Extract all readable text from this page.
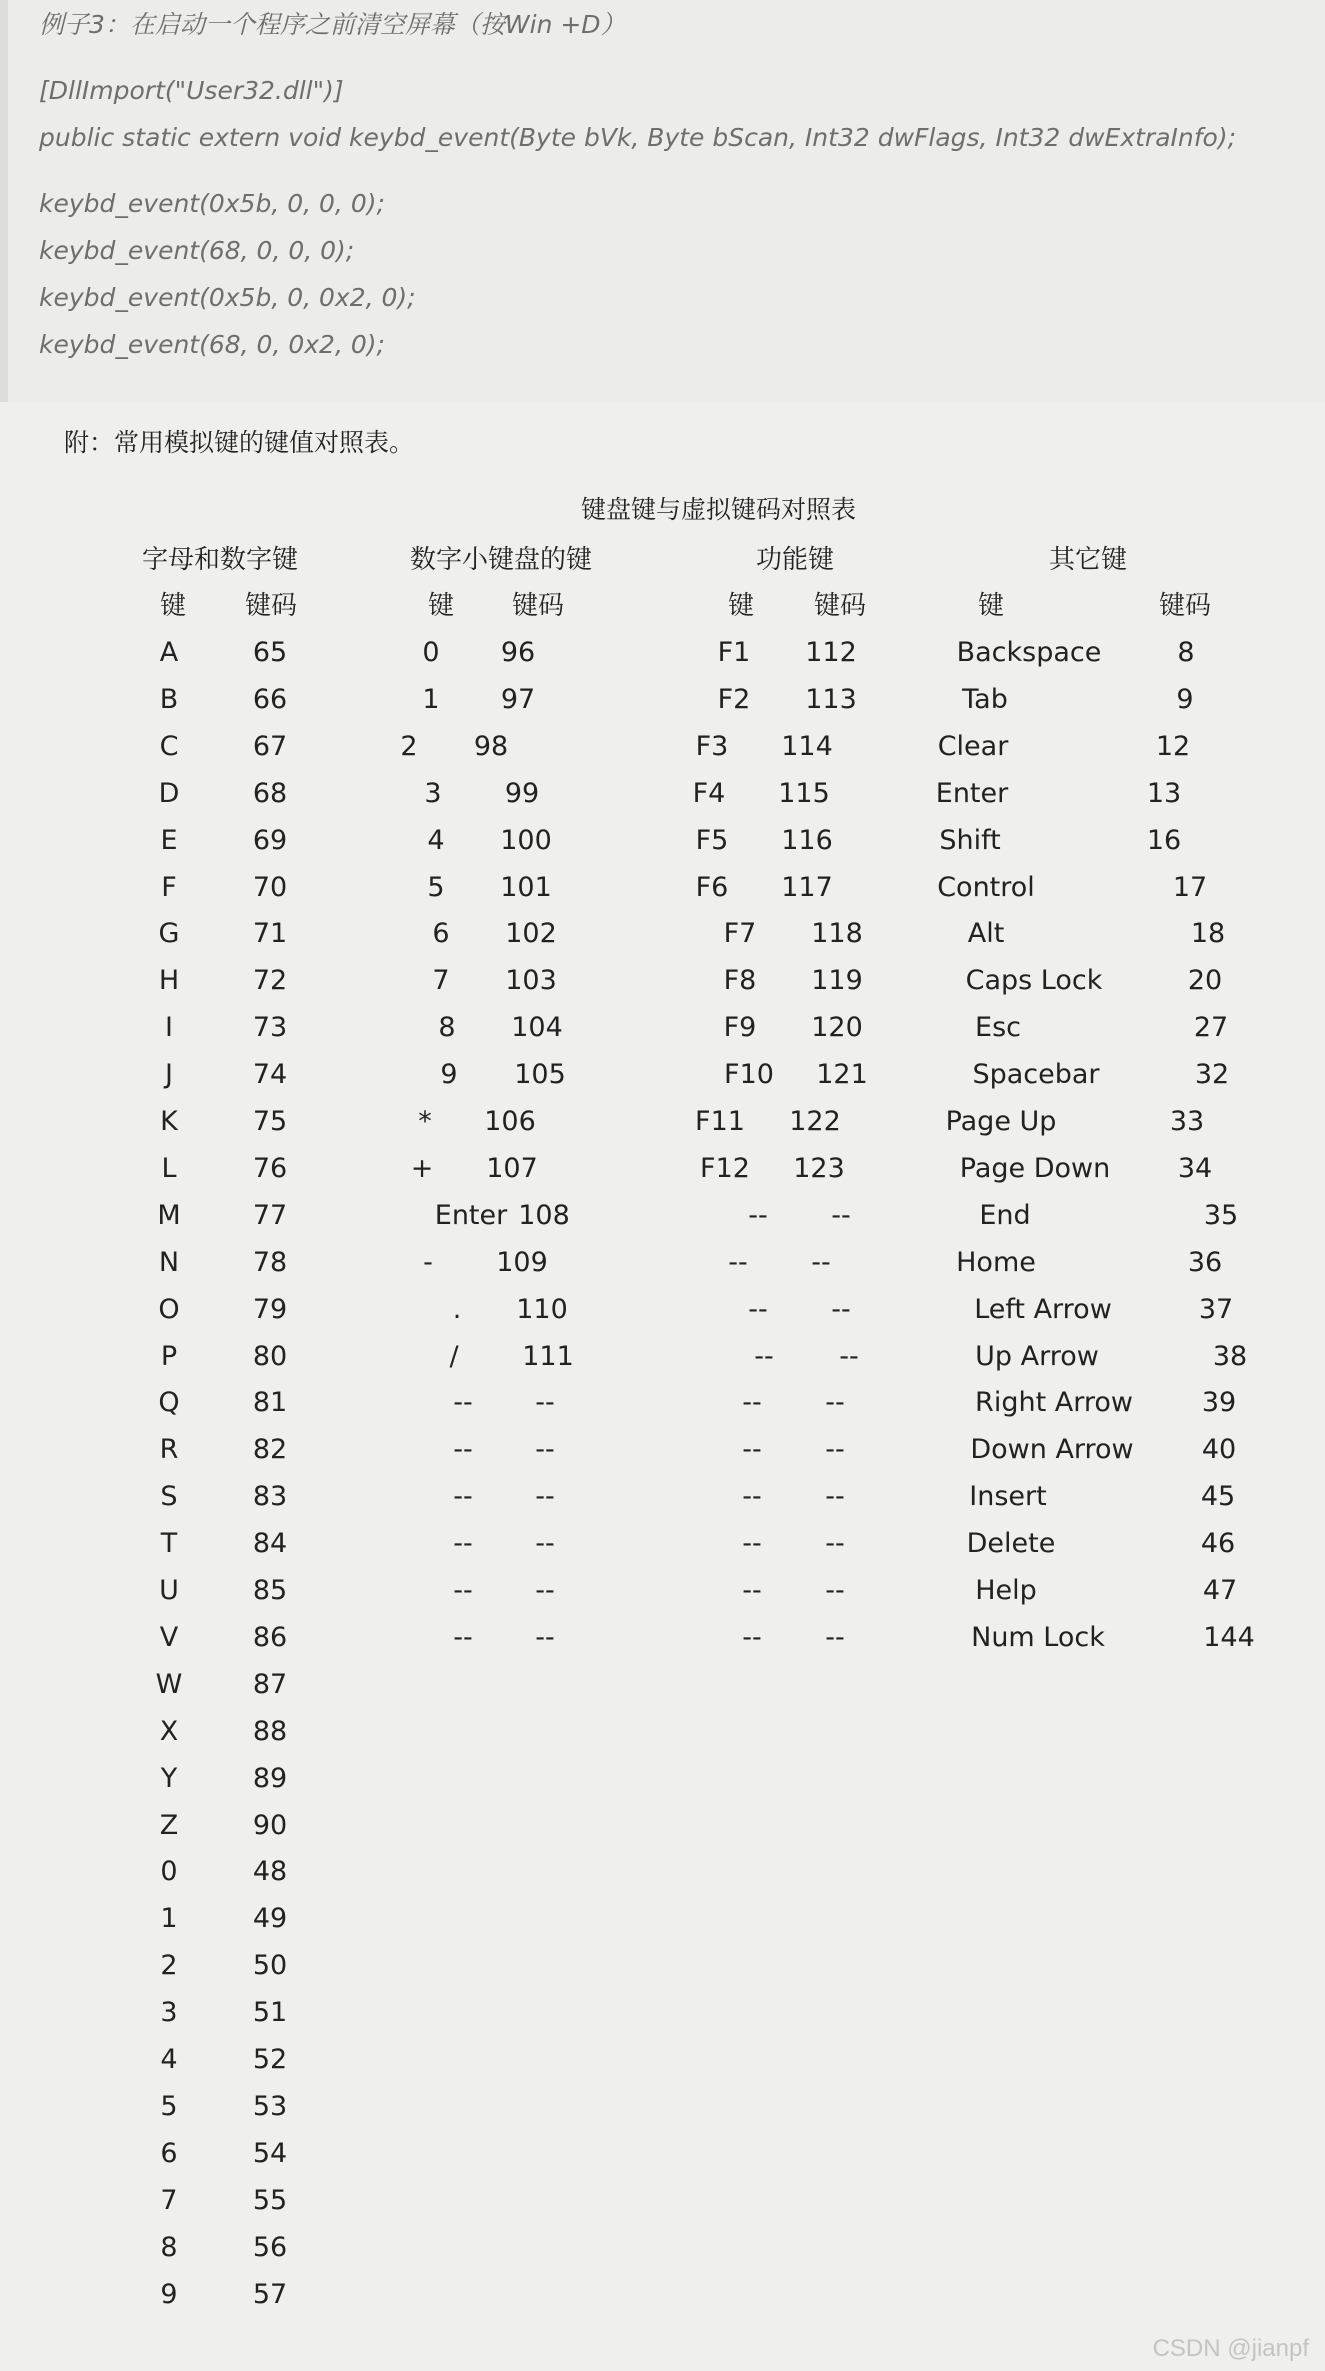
例子3：在启动一个程序之前清空屏幕（按Win +D）
[DllImport("User32.dll")]
public static extern void keybd_event(Byte bVk, Byte bScan, Int32 dwFlags, Int32 dwExtraInfo);
keybd_event(0x5b, 0, 0, 0);
keybd_event(68, 0, 0, 0);
keybd_event(0x5b, 0, 0x2, 0);
keybd_event(68, 0, 0x2, 0);
附：常用模拟键的键值对照表。
键盘键与虚拟键码对照表
字母和数字键
键 键码
A	65
B	66
C	67
D	68
E	69
F	70
G	71
H	72
I	73
J	74
K	75
L	76
M	77
N	78
O	79
P	80
Q	81
R	82
S	83
T	84
U	85
V	86
W	87
X	88
Y	89
Z	90
0	48
1	49
2	50
3	51
4	52
5	53
6	54
7	55
8	56
9	57
数字小键盘的键
键 键码
0 96
1 97
2 98
3 99
4 100
5 101
6 102
7 103
8 104
9 105
* 106
+ 107
Enter 108
- 109
. 110
/ 111
-- --
-- --
-- --
-- --
-- --
-- --
功能键
键 键码
F1 112
F2 113
F3 114
F4 115
F5 116
F6 117
F7 118
F8 119
F9 120
F10 121
F11 122
F12 123
-- --
-- --
-- --
-- --
-- --
-- --
-- --
-- --
-- --
-- --
其它键
键	键码
Backspace	8
Tab	9
Clear	12
Enter	13
Shift	16
Control	17
Alt	18
Caps Lock	20
Esc	27
Spacebar	32
Page Up	33
Page Down	34
End	35
Home	36
Left Arrow	37
Up Arrow	38
Right Arrow	39
Down Arrow	40
Insert	45
Delete	46
Help	47
Num Lock	144
CSDN @jianpf
